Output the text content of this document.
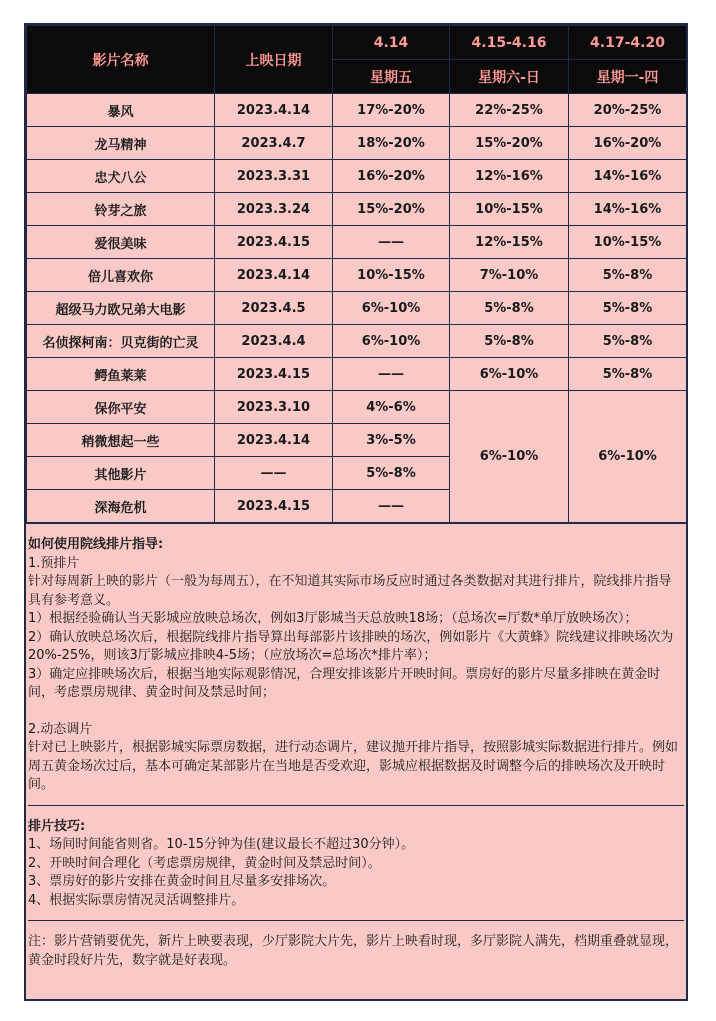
影片名称	上映日期	4.14	4.15-4.16	4.17-4.20
		星期五	星期六-日	星期一-四
暴风	2023.4.14	17%-20%	22%-25%	20%-25%
龙马精神	2023.4.7	18%-20%	15%-20%	16%-20%
忠犬八公	2023.3.31	16%-20%	12%-16%	14%-16%
铃芽之旅	2023.3.24	15%-20%	10%-15%	14%-16%
爱很美味	2023.4.15	——	12%-15%	10%-15%
倍儿喜欢你	2023.4.14	10%-15%	7%-10%	5%-8%
超级马力欧兄弟大电影	2023.4.5	6%-10%	5%-8%	5%-8%
名侦探柯南：贝克街的亡灵	2023.4.4	6%-10%	5%-8%	5%-8%
鳄鱼莱莱	2023.4.15	——	6%-10%	5%-8%
保你平安	2023.3.10	4%-6%	6%-10%	6%-10%
稍微想起一些	2023.4.14	3%-5%		
其他影片	——	5%-8%		
深海危机	2023.4.15	——		
如何使用院线排片指导:
1.预排片
针对每周新上映的影片（一般为每周五），在不知道其实际市场反应时通过各类数据对其进行排片，院线排片指导具有参考意义。
1）根据经验确认当天影城应放映总场次，例如3厅影城当天总放映18场；（总场次=厅数*单厅放映场次）；
2）确认放映总场次后，根据院线排片指导算出每部影片该排映的场次，例如影片《大黄蜂》院线建议排映场次为20%-25%，则该3厅影城应排映4-5场；（应放场次=总场次*排片率）；
3）确定应排映场次后，根据当地实际观影情况，合理安排该影片开映时间。票房好的影片尽量多排映在黄金时间，考虑票房规律、黄金时间及禁忌时间；
2.动态调片
针对已上映影片，根据影城实际票房数据，进行动态调片，建议抛开排片指导，按照影城实际数据进行排片。例如周五黄金场次过后，基本可确定某部影片在当地是否受欢迎，影城应根据数据及时调整今后的排映场次及开映时间。
排片技巧:
1、场间时间能省则省。10-15分钟为佳(建议最长不超过30分钟）。
2、开映时间合理化（考虑票房规律，黄金时间及禁忌时间）。
3、票房好的影片安排在黄金时间且尽量多安排场次。
4、根据实际票房情况灵活调整排片。
注：影片营销要优先，新片上映要表现，少厅影院大片先，影片上映看时现，多厅影院人满先，档期重叠就显现，黄金时段好片先，数字就是好表现。
